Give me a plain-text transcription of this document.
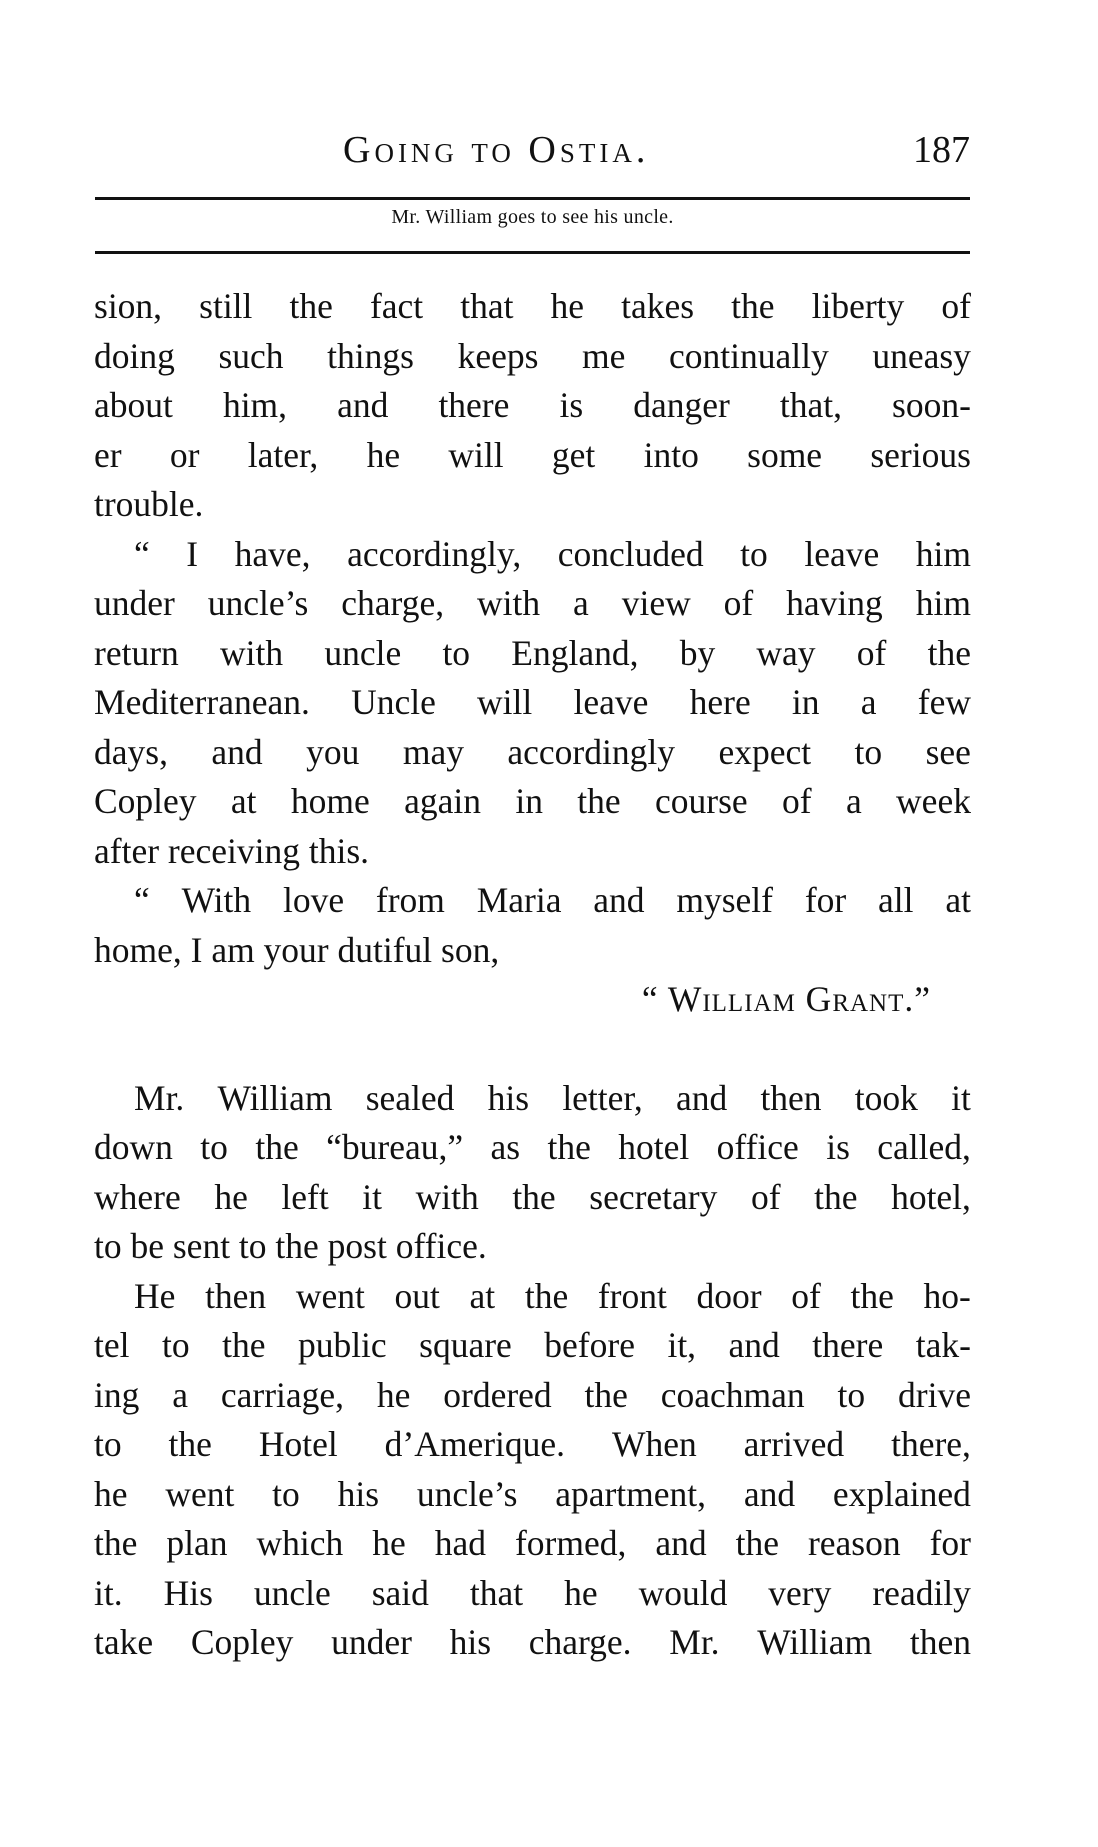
Going to Ostia.	187
Mr. William goes to see his uncle.
sion, still the fact that he takes the liberty of
doing such things keeps me continually uneasy
about him, and there is danger that, soon-
er or later, he will get into some serious
trouble.
“ I have, accordingly, concluded to leave him
under uncle’s charge, with a view of having him
return with uncle to England, by way of the
Mediterranean. Uncle will leave here in a few
days, and you may accordingly expect to see
Copley at home again in the course of a week
after receiving this.
“ With love from Maria and myself for all at
home, I am your dutiful son,
“ William Grant.”
Mr. William sealed his letter, and then took it
down to the “bureau,” as the hotel office is called,
where he left it with the secretary of the hotel,
to be sent to the post office.
He then went out at the front door of the ho-
tel to the public square before it, and there tak-
ing a carriage, he ordered the coachman to drive
to the Hotel d’Amerique. When arrived there,
he went to his uncle’s apartment, and explained
the plan which he had formed, and the reason for
it. His uncle said that he would very readily
take Copley under his charge. Mr. William then
